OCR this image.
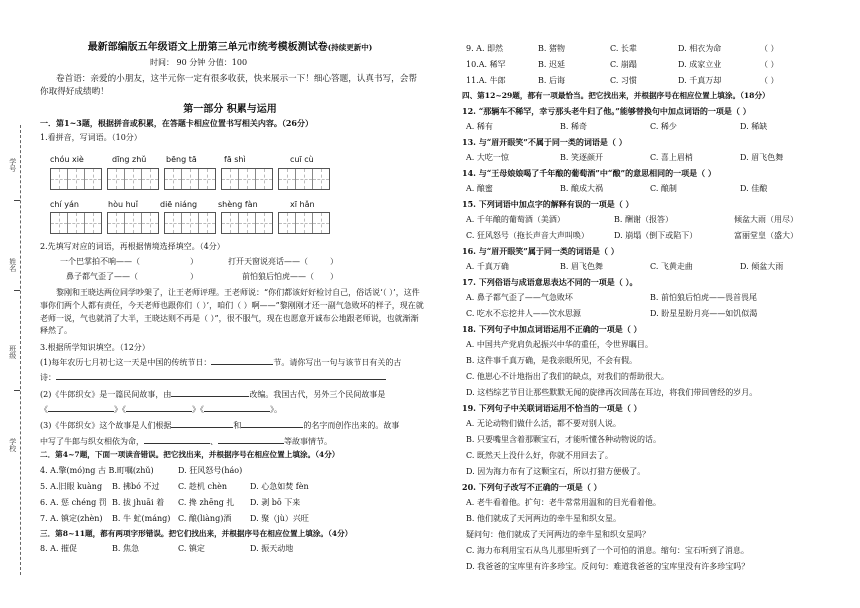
学号
姓名
班级
学校
最新部编版五年级语文上册第三单元市统考模板测试卷(持续更新中)
时间： 90 分钟 分值：100
卷首语：亲爱的小朋友，这半元你一定有很多收获，快来展示一下！细心答题，认真书写，会帮你取得好成绩哟！
第一部分 积累与运用
一．第1~3题，根据拼音或积累，在答题卡相应位置书写相关内容。（26分）
1.看拼音，写词语。（10分）
chóu xiè	dīng zhǔ bēng tā	fā shì	cuī cù
chí yán	hòu huǐ	diē niáng	shèng fàn	xī hǎn
2.先填写对应的词语，再根据情境选择填空。（4分）
一个巴掌拍不响——（	）	打开天窗说亮话——（	）
鼻子都气歪了——（	）	前怕狼后怕虎——（ ）
黎刚和王晓达两位同学吵架了，让王老师评理。王老师说：“你们都该好好检讨自己，俗话说‘（ ）’，这件事你们两个人都有责任，今天老师也跟你们（ ）’，咱们（ ）啊——”黎刚刚才还一副气急败坏的样子，现在就老师一说，气也就消了大半，王晓达则不再是（ ）”，很不服气，现在也愿意开诚布公地跟老师说，也就渐渐释然了。
3.根据所学知识填空。（12分）
(1)每年农历七月初七这一天是中国的传统节日：	节。请你写出一句与该节日有关的古
诗：
(2)《牛郎织女》是一篇民间故事，由	改编。我国古代，另外三个民间故事是
《	》《	》《	》。
(3)《牛郎织女》这个故事是人们根据	和	的名字而创作出来的。故事
中写了牛郎与织女相依为命，	、	等故事情节。
二．第4~7题，下面一项读音错误。把它找出来，并根据序号在相应位置上填涂。（4分）
4. A.擎(mó)ng 古 B.町嘱(zhǔ)	D. 狂风怒号(háo)
5. A.旧眼 kuàng B. 拂bó 不过 C. 趁机 chèn	D. 心急如焚 fèn
6. A. 惩 chéng 罚 B. 拔 jhuāi 着 C. 搀 zhēng 扎 D. 剥 bō 下来
7. A. 镇定(zhèn) B. 牛 虻(máng) C. 酿(liàng)酒 D. 聚（jù）兴旺
三．第8~11题，都有两项字形错误。把它们找出来，并根据序号在相应位置上填涂。（4分）
8. A. 摧促	B. 焦急	C. 镇定	D. 振天动地
9. A. 即然	B. 猪物	C. 长辈	D. 相衣为命	（ ）
10.A. 稀罕	B. 迟延	C. 崩蹋	D. 成家立业	（ ）
11.A. 牛郎	B. 后诲	C. 习惯	D. 千真万却	（ ）
四、第12~29题，都有一项最恰当。把它找出来，并根据序号在相应位置上填涂。（18分）
12. “那辆车不稀罕，幸亏那头老牛归了他。”能够替换句中加点词语的一项是（ ）
A. 稀有	B. 稀奇	C. 稀少	D. 稀缺
13. 与“眉开眼笑”不属于同一类的词语是（ ）
A. 大吃一惊	B. 笑逐颜开	C. 喜上眉梢	D. 眉飞色舞
14. 与“王母娘娘喝了千年酿的葡萄酒”中“酿”的意思相同的一项是（ ）
A. 酿蜜	B. 酿成大祸	C. 酿制	D. 佳酿
15. 下列词语中加点字的解释有误的一项是（ ）
A. 千年酿的葡萄酒（美酒）	B. 酬谢（报答）	倾盆大雨（用尽）
C. 狂风怒号（拖长声音大声叫唤）	D. 崩塌（倒下或陷下）	富丽堂皇（盛大）
16. 与“眉开眼笑”属于同一类的词语是（ ）
A. 千真万确	B. 眉飞色舞	C. 飞黄走曲	D. 倾盆大雨
17. 下列俗语与成语意思表达不同的一项是（ ）。
A. 鼻子都气歪了——气急败坏	B. 前怕狼后怕虎——畏首畏尾
C. 吃水不忘挖井人——饮水思源	D. 盼星星盼月亮——如饥似渴
18. 下列句子中加点词语运用不正确的一项是（ ）
A. 中国共产党肩负起振兴中华的重任，令世界瞩目。
B. 这件事千真万确，是我亲眼所见，不会有假。
C. 他崽心不计地指出了我们的缺点，对我们的帮助很大。
D. 这档综艺节目让那些默默无闻的旋律再次回荡在耳边，将我们带回曾经的岁月。
19. 下列句子中关联词语运用不恰当的一项是（ ）
A. 无论动物们做什么活，都不要对别人说。
B. 只要嘴里含着那颗宝石，才能听懂各种动物说的话。
C. 既然天上没什么好，你就不用回去了。
D. 因为海力布有了这颗宝石，所以打猎方便极了。
20. 下列句子改写不正确的一项是（ ）
A. 老牛看着他。扩句：老牛常常用温和的目光看着他。
B. 他们就成了天河两边的牵牛星和织女星。
疑问句：他们就成了天河两边的牵牛星和织女星吗？
C. 海力布利用宝石从鸟儿那里听到了一个可怕的消息。缩句：宝石听到了消息。
D. 我爸爸的宝库里有许多珍宝。反问句：难道我爸爸的宝库里没有许多珍宝吗？
